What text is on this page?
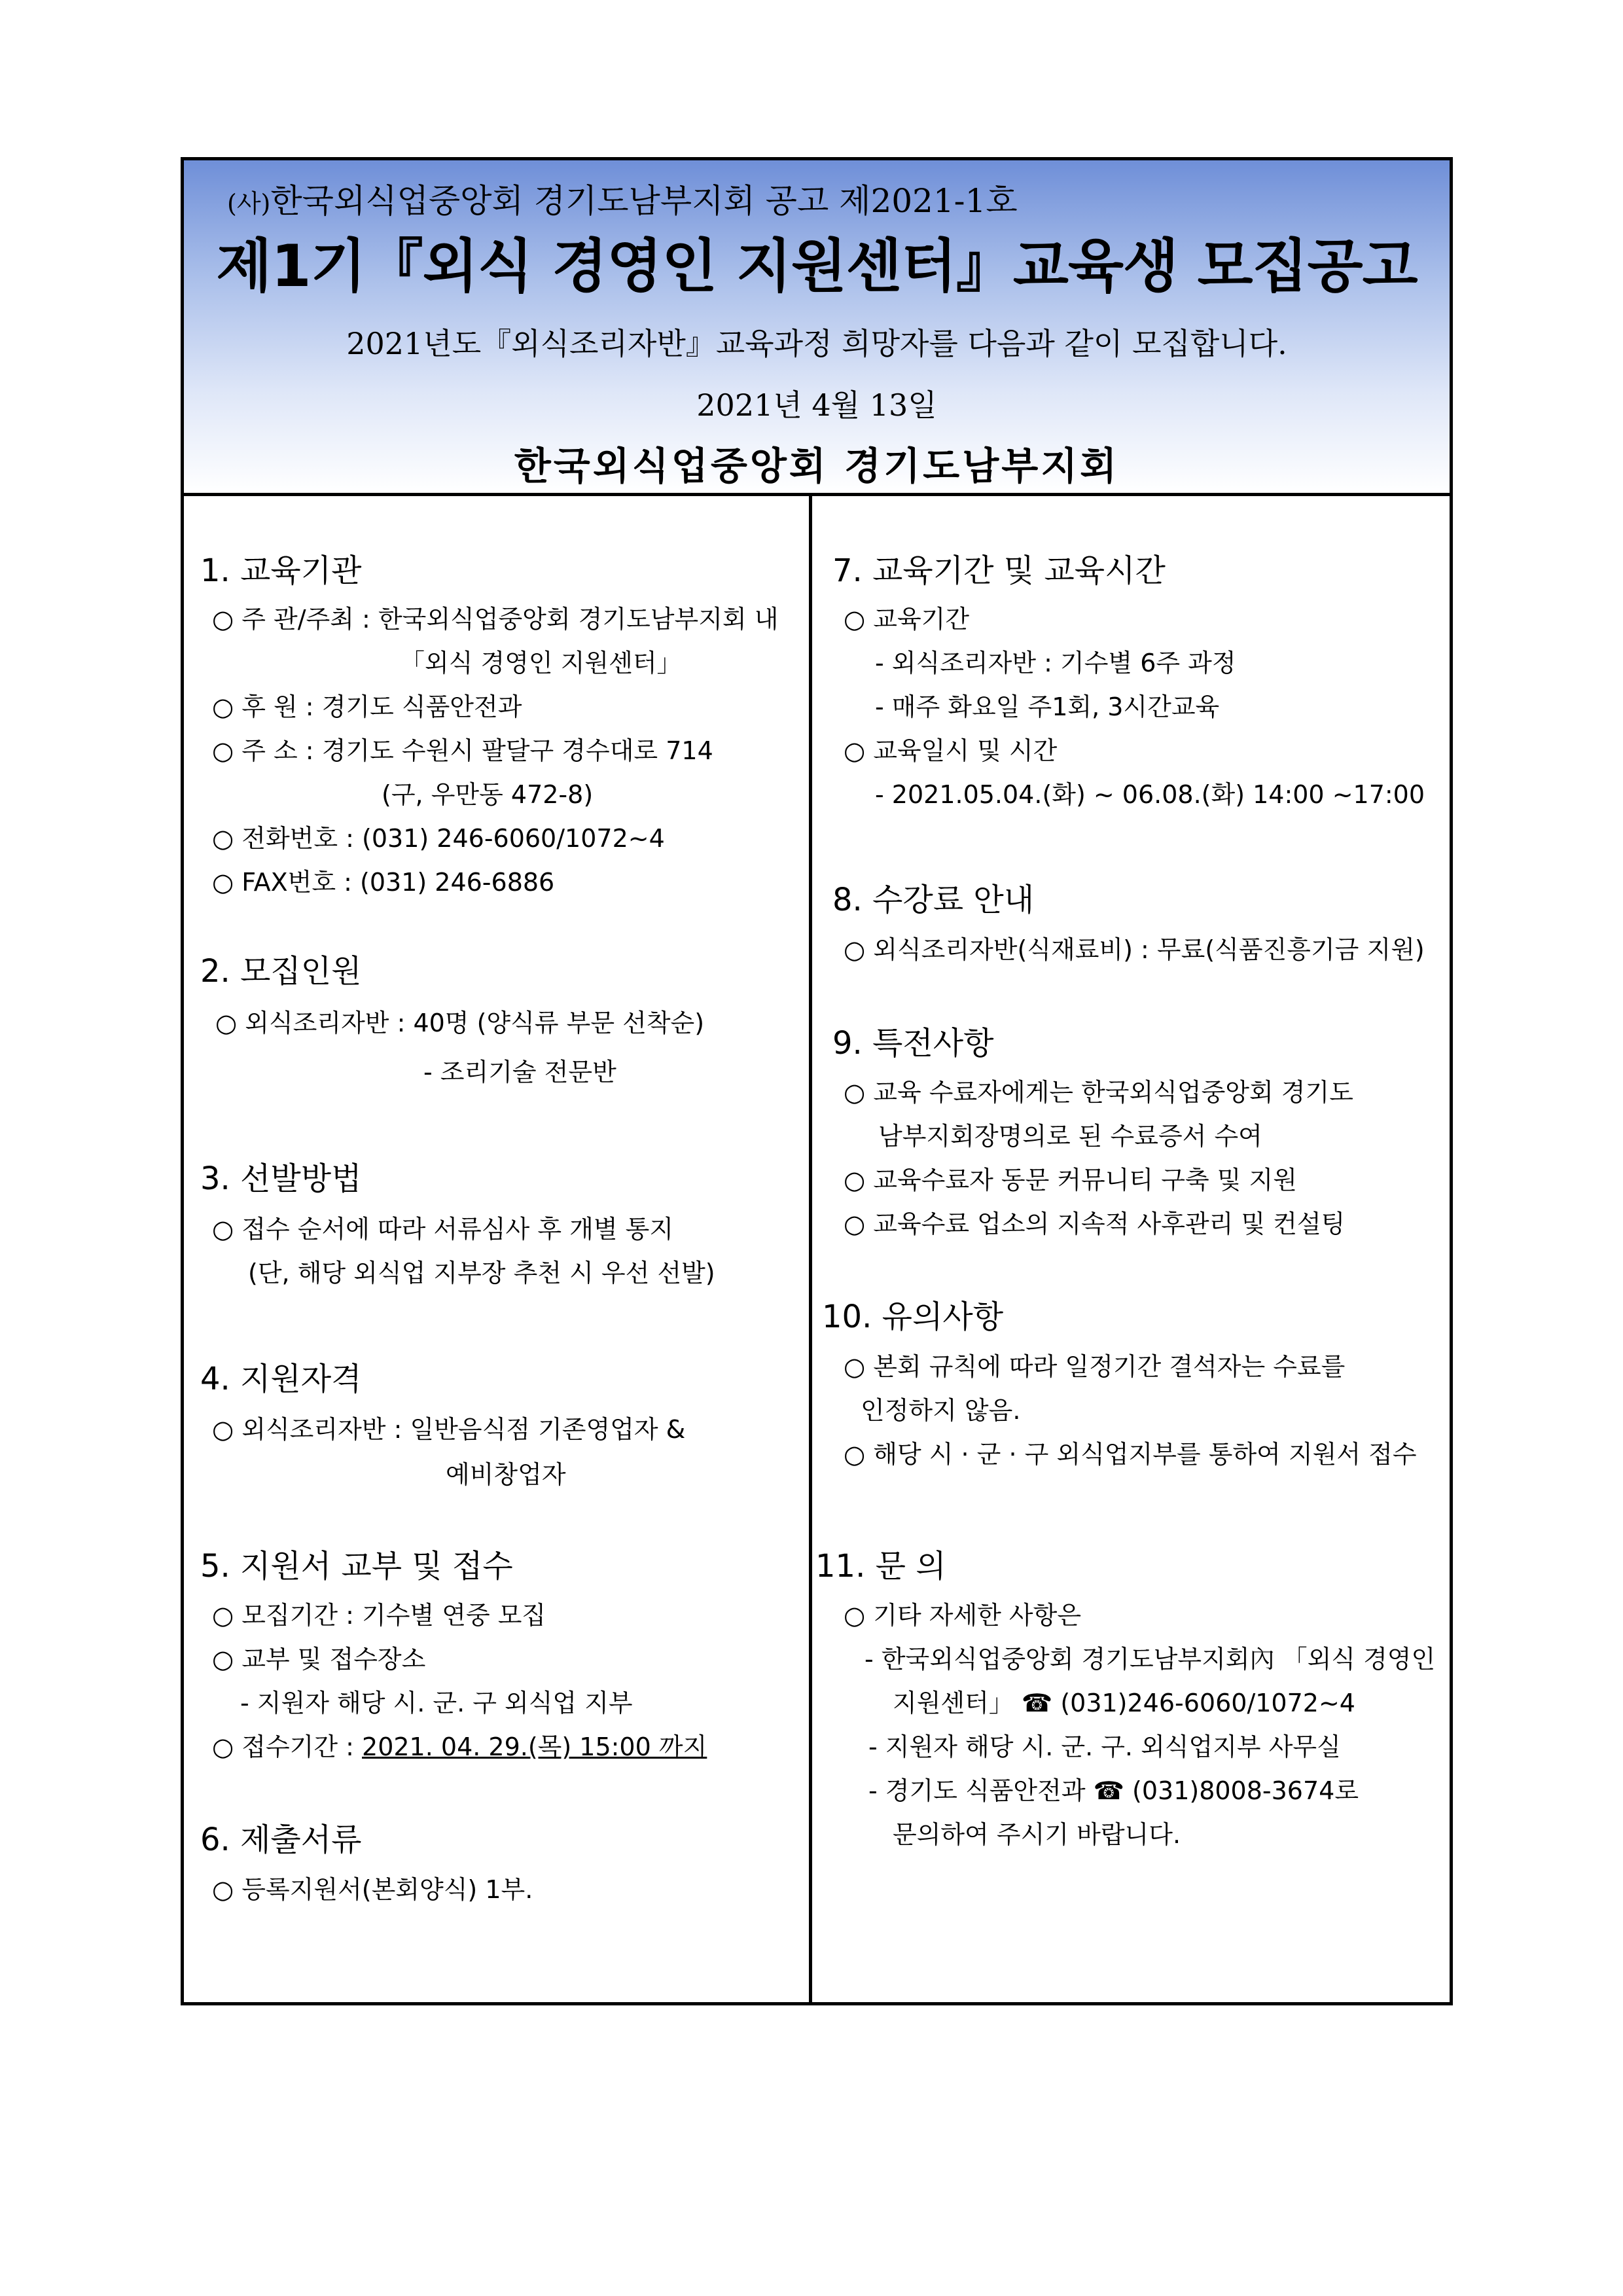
(사)한국외식업중앙회 경기도남부지회 공고 제2021-1호
제1기『외식 경영인 지원센터』교육생 모집공고
2021년도『외식조리자반』교육과정 희망자를 다음과 같이 모집합니다.
2021년 4월 13일
한국외식업중앙회 경기도남부지회
1. 교육기관
○ 주 관/주최 : 한국외식업중앙회 경기도남부지회 내
「외식 경영인 지원센터」
○ 후 원 : 경기도 식품안전과
○ 주 소 : 경기도 수원시 팔달구 경수대로 714
(구, 우만동 472-8)
○ 전화번호 : (031) 246-6060/1072~4
○ FAX번호 : (031) 246-6886
2. 모집인원
○ 외식조리자반 : 40명 (양식류 부문 선착순)
- 조리기술 전문반
3. 선발방법
○ 접수 순서에 따라 서류심사 후 개별 통지
(단, 해당 외식업 지부장 추천 시 우선 선발)
4. 지원자격
○ 외식조리자반 : 일반음식점 기존영업자 &
예비창업자
5. 지원서 교부 및 접수
○ 모집기간 : 기수별 연중 모집
○ 교부 및 접수장소
- 지원자 해당 시. 군. 구 외식업 지부
○ 접수기간 : 2021. 04. 29.(목) 15:00 까지
6. 제출서류
○ 등록지원서(본회양식) 1부.
7. 교육기간 및 교육시간
○ 교육기간
- 외식조리자반 : 기수별 6주 과정
- 매주 화요일 주1회, 3시간교육
○ 교육일시 및 시간
- 2021.05.04.(화) ~ 06.08.(화) 14:00 ~17:00
8. 수강료 안내
○ 외식조리자반(식재료비) : 무료(식품진흥기금 지원)
9. 특전사항
○ 교육 수료자에게는 한국외식업중앙회 경기도
남부지회장명의로 된 수료증서 수여
○ 교육수료자 동문 커뮤니티 구축 및 지원
○ 교육수료 업소의 지속적 사후관리 및 컨설팅
10. 유의사항
○ 본회 규칙에 따라 일정기간 결석자는 수료를
인정하지 않음.
○ 해당 시 · 군 · 구 외식업지부를 통하여 지원서 접수
11. 문 의
○ 기타 자세한 사항은
- 한국외식업중앙회 경기도남부지회內 「외식 경영인
지원센터」 ☎ (031)246-6060/1072~4
- 지원자 해당 시. 군. 구. 외식업지부 사무실
- 경기도 식품안전과 ☎ (031)8008-3674로
문의하여 주시기 바랍니다.
